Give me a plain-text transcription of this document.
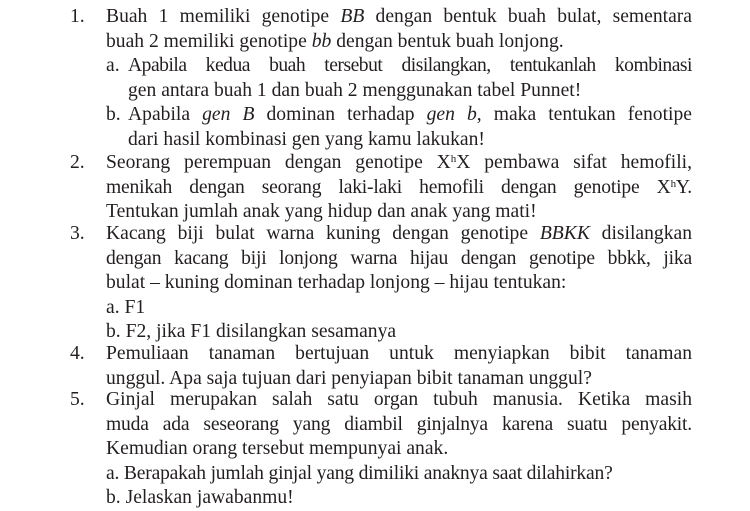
1.	Buah 1 memiliki genotipe BB dengan bentuk buah bulat, sementara
buah 2 memiliki genotipe bb dengan bentuk buah lonjong.
a. Apabila kedua buah tersebut disilangkan, tentukanlah kombinasi
gen antara buah 1 dan buah 2 menggunakan tabel Punnet!
b. Apabila gen B dominan terhadap gen b, maka tentukan fenotipe
dari hasil kombinasi gen yang kamu lakukan!
2.	Seorang perempuan dengan genotipe $X^hX$ pembawa sifat hemofili,
menikah dengan seorang laki-laki hemofili dengan genotipe $X^hY$.
Tentukan jumlah anak yang hidup dan anak yang mati!
3.	Kacang biji bulat warna kuning dengan genotipe BBKK disilangkan
dengan kacang biji lonjong warna hijau dengan genotipe bbkk, jika
bulat – kuning dominan terhadap lonjong – hijau tentukan:
a. F1
b. F2, jika F1 disilangkan sesamanya
4.	Pemuliaan tanaman bertujuan untuk menyiapkan bibit tanaman
unggul. Apa saja tujuan dari penyiapan bibit tanaman unggul?
5.	Ginjal merupakan salah satu organ tubuh manusia. Ketika masih
muda ada seseorang yang diambil ginjalnya karena suatu penyakit.
Kemudian orang tersebut mempunyai anak.
a. Berapakah jumlah ginjal yang dimiliki anaknya saat dilahirkan?
b. Jelaskan jawabanmu!
